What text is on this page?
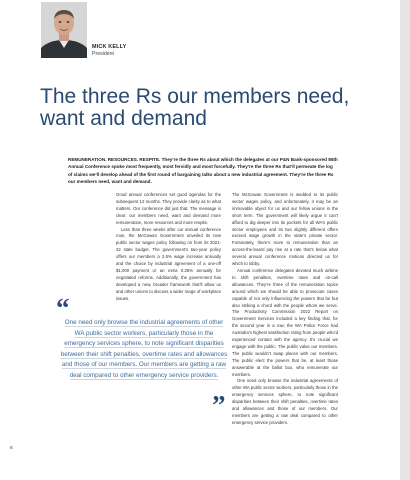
MICK KELLY
President
The three Rs our members need, want and demand

REMUNERATION. RESOURCES. RESPITE. They’re the three Rs about which the delegates at our P&N Bank-sponsored 85th Annual Conference spoke most frequently, most fervidly and most forcefully. They’re the three Rs that’ll permeate the log of claims we’ll develop ahead of the first round of bargaining talks about a new industrial agreement. They’re the three Rs our members need, want and demand.

Good annual conferences set good agendas for the subsequent 12 months. They provide clarity as to what matters. Our conference did just that. The message is clear: our members need, want and demand more remuneration, more resources and more respite.

Less than three weeks after our annual conference rose, the McGowan Government unveiled its new public sector wages policy following on from its 2021-22 state budget. The government’s two-year policy offers our members a 2.5% wage increase annually and the choice by industrial agreement of a one-off $1,000 payment or an extra 0.25% annually for negotiated reforms. Additionally, the government has developed a new, broader framework that’ll allow us and other unions to discuss a wider range of workplace issues.

The McGowan Government is wedded to its public sector wages policy, and unfortunately, it may be an immovable object for us and our fellow unions in the short term. The government will likely argue it can’t afford to dig deeper into its pockets for all WA’s public sector employees and its two slightly different offers exceed wage growth in the state’s private sector. Fortunately, there’s more to remuneration than an across-the-board pay rise at a rate that’s below what several annual conference motions directed us for which to lobby.

Annual conference delegates devoted much airtime to shift penalties, overtime rates and on-call allowances. They’re three of the remuneration topics around which we should be able to prosecute cases capable of not only influencing the powers that be but also striking a chord with the people whom we serve. The Productivity Commission 2022 Report on Government Services included a key finding that, for the second year in a row, the WA Police Force had Australia’s highest satisfaction rating from people who’d experienced contact with the agency. It’s crucial we engage with the public. The public value our members. The public wouldn’t swap places with our members. The public elect the powers that be, at least those answerable at the ballot box, who remunerate our members.

One need only browse the industrial agreements of other WA public sector workers, particularly those in the emergency services sphere, to note significant disparities between their shift penalties, overtime rates and allowances and those of our members. Our members are getting a raw deal compared to other emergency service providers.

“

One need only browse the industrial agreements of other WA public sector workers, particularly those in the emergency services sphere, to note significant disparities between their shift penalties, overtime rates and allowances and those of our members. Our members are getting a raw deal compared to other emergency service providers.

”
8
